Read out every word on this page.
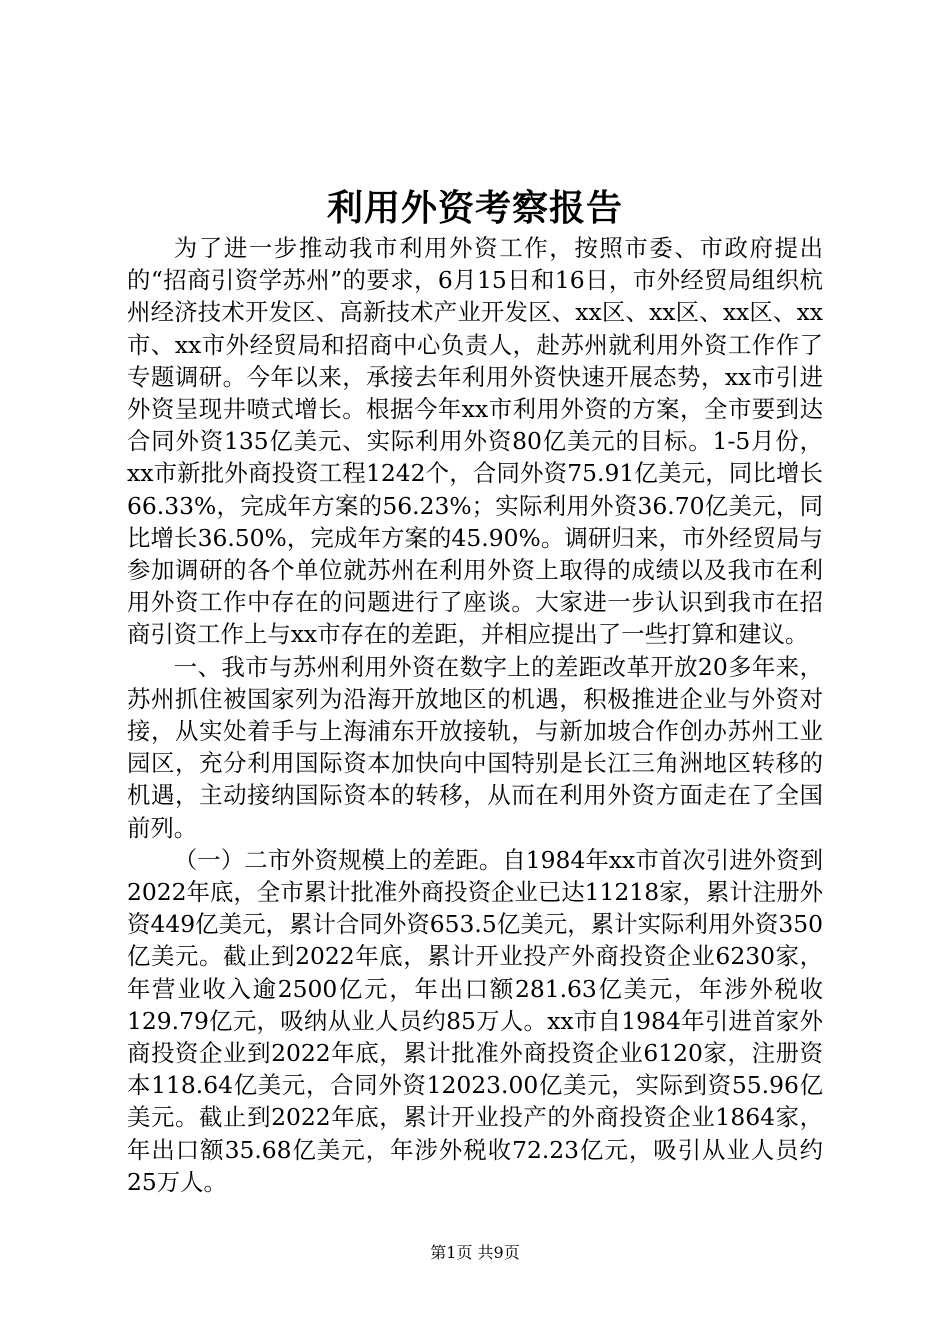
利用外资考察报告

为了进一步推动我市利用外资工作，按照市委、市政府提出的“招商引资学苏州”的要求，6月15日和16日，市外经贸局组织杭州经济技术开发区、高新技术产业开发区、xx区、xx区、xx区、xx市、xx市外经贸局和招商中心负责人，赴苏州就利用外资工作作了专题调研。今年以来，承接去年利用外资快速开展态势，xx市引进外资呈现井喷式增长。根据今年xx市利用外资的方案，全市要到达合同外资135亿美元、实际利用外资80亿美元的目标。1-5月份，xx市新批外商投资工程1242个，合同外资75.91亿美元，同比增长66.33%，完成年方案的56.23%；实际利用外资36.70亿美元，同比增长36.50%，完成年方案的45.90%。调研归来，市外经贸局与参加调研的各个单位就苏州在利用外资上取得的成绩以及我市在利用外资工作中存在的问题进行了座谈。大家进一步认识到我市在招商引资工作上与xx市存在的差距，并相应提出了一些打算和建议。

一、我市与苏州利用外资在数字上的差距改革开放20多年来，苏州抓住被国家列为沿海开放地区的机遇，积极推进企业与外资对接，从实处着手与上海浦东开放接轨，与新加坡合作创办苏州工业园区，充分利用国际资本加快向中国特别是长江三角洲地区转移的机遇，主动接纳国际资本的转移，从而在利用外资方面走在了全国前列。

（一）二市外资规模上的差距。自1984年xx市首次引进外资到2022年底，全市累计批准外商投资企业已达11218家，累计注册外资449亿美元，累计合同外资653.5亿美元，累计实际利用外资350亿美元。截止到2022年底，累计开业投产外商投资企业6230家，年营业收入逾2500亿元，年出口额281.63亿美元，年涉外税收129.79亿元，吸纳从业人员约85万人。xx市自1984年引进首家外商投资企业到2022年底，累计批准外商投资企业6120家，注册资本118.64亿美元，合同外资12023.00亿美元，实际到资55.96亿美元。截止到2022年底，累计开业投产的外商投资企业1864家，年出口额35.68亿美元，年涉外税收72.23亿元，吸引从业人员约25万人。

第1页 共9页
